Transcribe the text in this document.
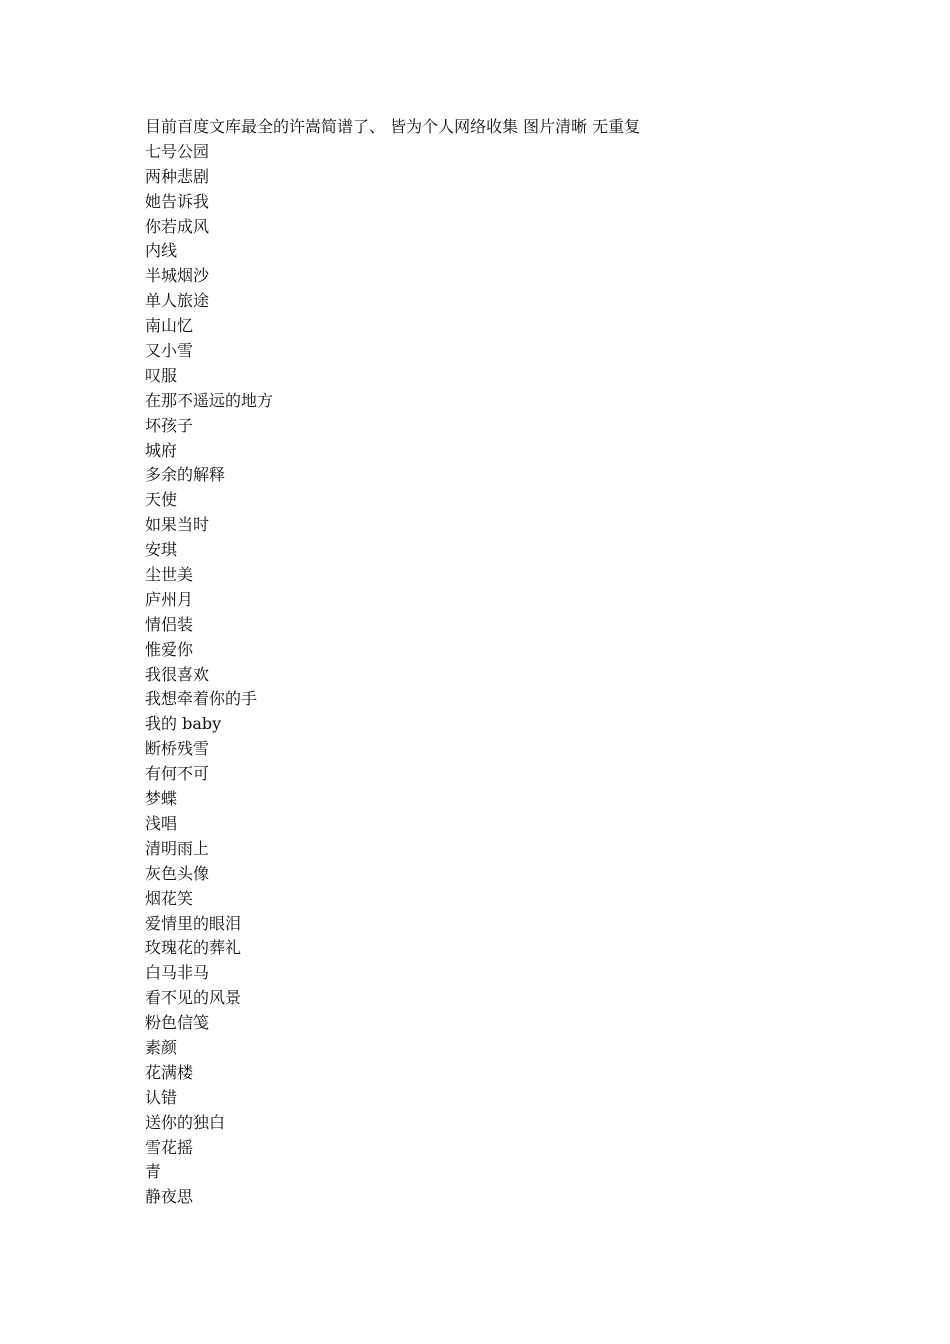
目前百度文库最全的许嵩简谱了、 皆为个人网络收集 图片清晰 无重复
七号公园
两种悲剧
她告诉我
你若成风
内线
半城烟沙
单人旅途
南山忆
又小雪
叹服
在那不遥远的地方
坏孩子
城府
多余的解释
天使
如果当时
安琪
尘世美
庐州月
情侣装
惟爱你
我很喜欢
我想牵着你的手
我的 baby
断桥残雪
有何不可
梦蝶
浅唱
清明雨上
灰色头像
烟花笑
爱情里的眼泪
玫瑰花的葬礼
白马非马
看不见的风景
粉色信笺
素颜
花满楼
认错
送你的独白
雪花摇
青
静夜思
